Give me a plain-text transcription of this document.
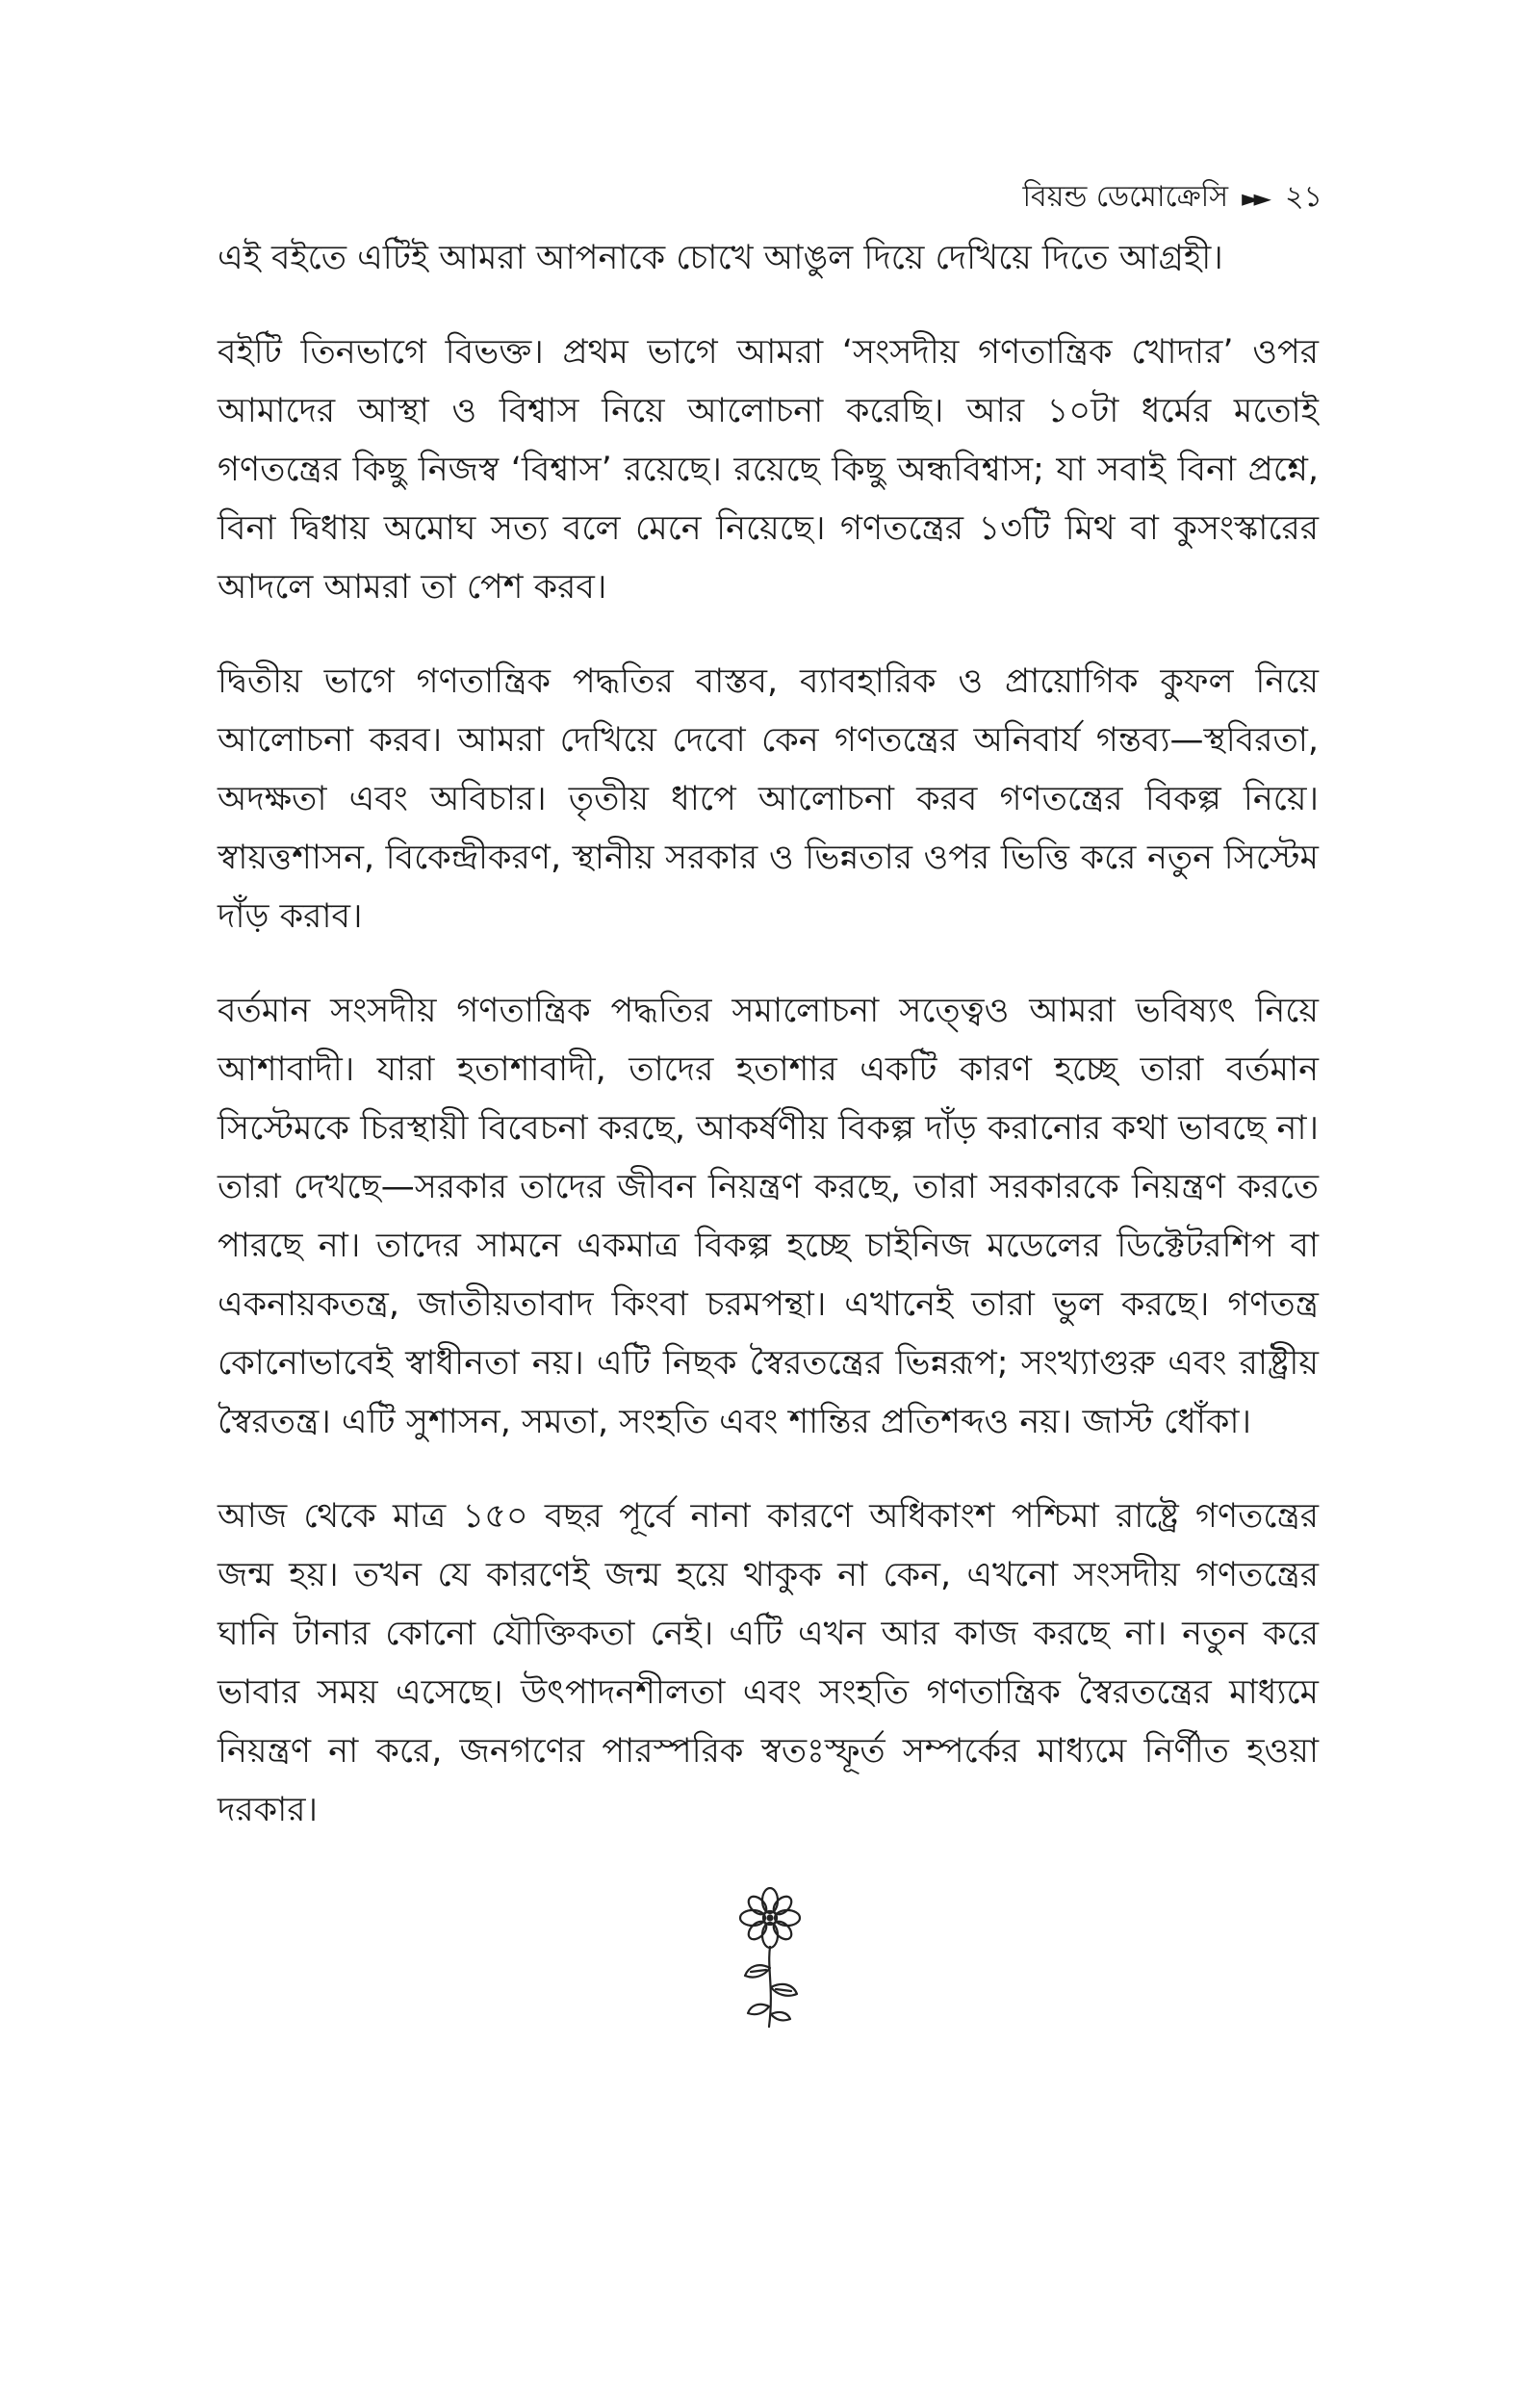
বিয়ন্ড ডেমোক্রেসি ►► ২১

এই বইতে এটিই আমরা আপনাকে চোখে আঙুল দিয়ে দেখিয়ে দিতে আগ্রহী।

বইটি তিনভাগে বিভক্ত। প্রথম ভাগে আমরা ‘সংসদীয় গণতান্ত্রিক খোদার’ ওপর আমাদের আস্থা ও বিশ্বাস নিয়ে আলোচনা করেছি। আর ১০টা ধর্মের মতোই গণতন্ত্রের কিছু নিজস্ব ‘বিশ্বাস’ রয়েছে। রয়েছে কিছু অন্ধবিশ্বাস; যা সবাই বিনা প্রশ্নে, বিনা দ্বিধায় অমোঘ সত্য বলে মেনে নিয়েছে। গণতন্ত্রের ১৩টি মিথ বা কুসংস্কারের আদলে আমরা তা পেশ করব।

দ্বিতীয় ভাগে গণতান্ত্রিক পদ্ধতির বাস্তব, ব্যাবহারিক ও প্রায়োগিক কুফল নিয়ে আলোচনা করব। আমরা দেখিয়ে দেবো কেন গণতন্ত্রের অনিবার্য গন্তব্য—স্থবিরতা, অদক্ষতা এবং অবিচার। তৃতীয় ধাপে আলোচনা করব গণতন্ত্রের বিকল্প নিয়ে। স্বায়ত্তশাসন, বিকেন্দ্রীকরণ, স্থানীয় সরকার ও ভিন্নতার ওপর ভিত্তি করে নতুন সিস্টেম দাঁড় করাব।

বর্তমান সংসদীয় গণতান্ত্রিক পদ্ধতির সমালোচনা সত্ত্বেও আমরা ভবিষ্যৎ নিয়ে আশাবাদী। যারা হতাশাবাদী, তাদের হতাশার একটি কারণ হচ্ছে তারা বর্তমান সিস্টেমকে চিরস্থায়ী বিবেচনা করছে, আকর্ষণীয় বিকল্প দাঁড় করানোর কথা ভাবছে না। তারা দেখছে—সরকার তাদের জীবন নিয়ন্ত্রণ করছে, তারা সরকারকে নিয়ন্ত্রণ করতে পারছে না। তাদের সামনে একমাত্র বিকল্প হচ্ছে চাইনিজ মডেলের ডিক্টেটরশিপ বা একনায়কতন্ত্র, জাতীয়তাবাদ কিংবা চরমপন্থা। এখানেই তারা ভুল করছে। গণতন্ত্র কোনোভাবেই স্বাধীনতা নয়। এটি নিছক স্বৈরতন্ত্রের ভিন্নরূপ; সংখ্যাগুরু এবং রাষ্ট্রীয় স্বৈরতন্ত্র। এটি সুশাসন, সমতা, সংহতি এবং শান্তির প্রতিশব্দও নয়। জাস্ট ধোঁকা।

আজ থেকে মাত্র ১৫০ বছর পূর্বে নানা কারণে অধিকাংশ পশ্চিমা রাষ্ট্রে গণতন্ত্রের জন্ম হয়। তখন যে কারণেই জন্ম হয়ে থাকুক না কেন, এখনো সংসদীয় গণতন্ত্রের ঘানি টানার কোনো যৌক্তিকতা নেই। এটি এখন আর কাজ করছে না। নতুন করে ভাবার সময় এসেছে। উৎপাদনশীলতা এবং সংহতি গণতান্ত্রিক স্বৈরতন্ত্রের মাধ্যমে নিয়ন্ত্রণ না করে, জনগণের পারস্পরিক স্বতঃস্ফূর্ত সম্পর্কের মাধ্যমে নির্ণীত হওয়া দরকার।
